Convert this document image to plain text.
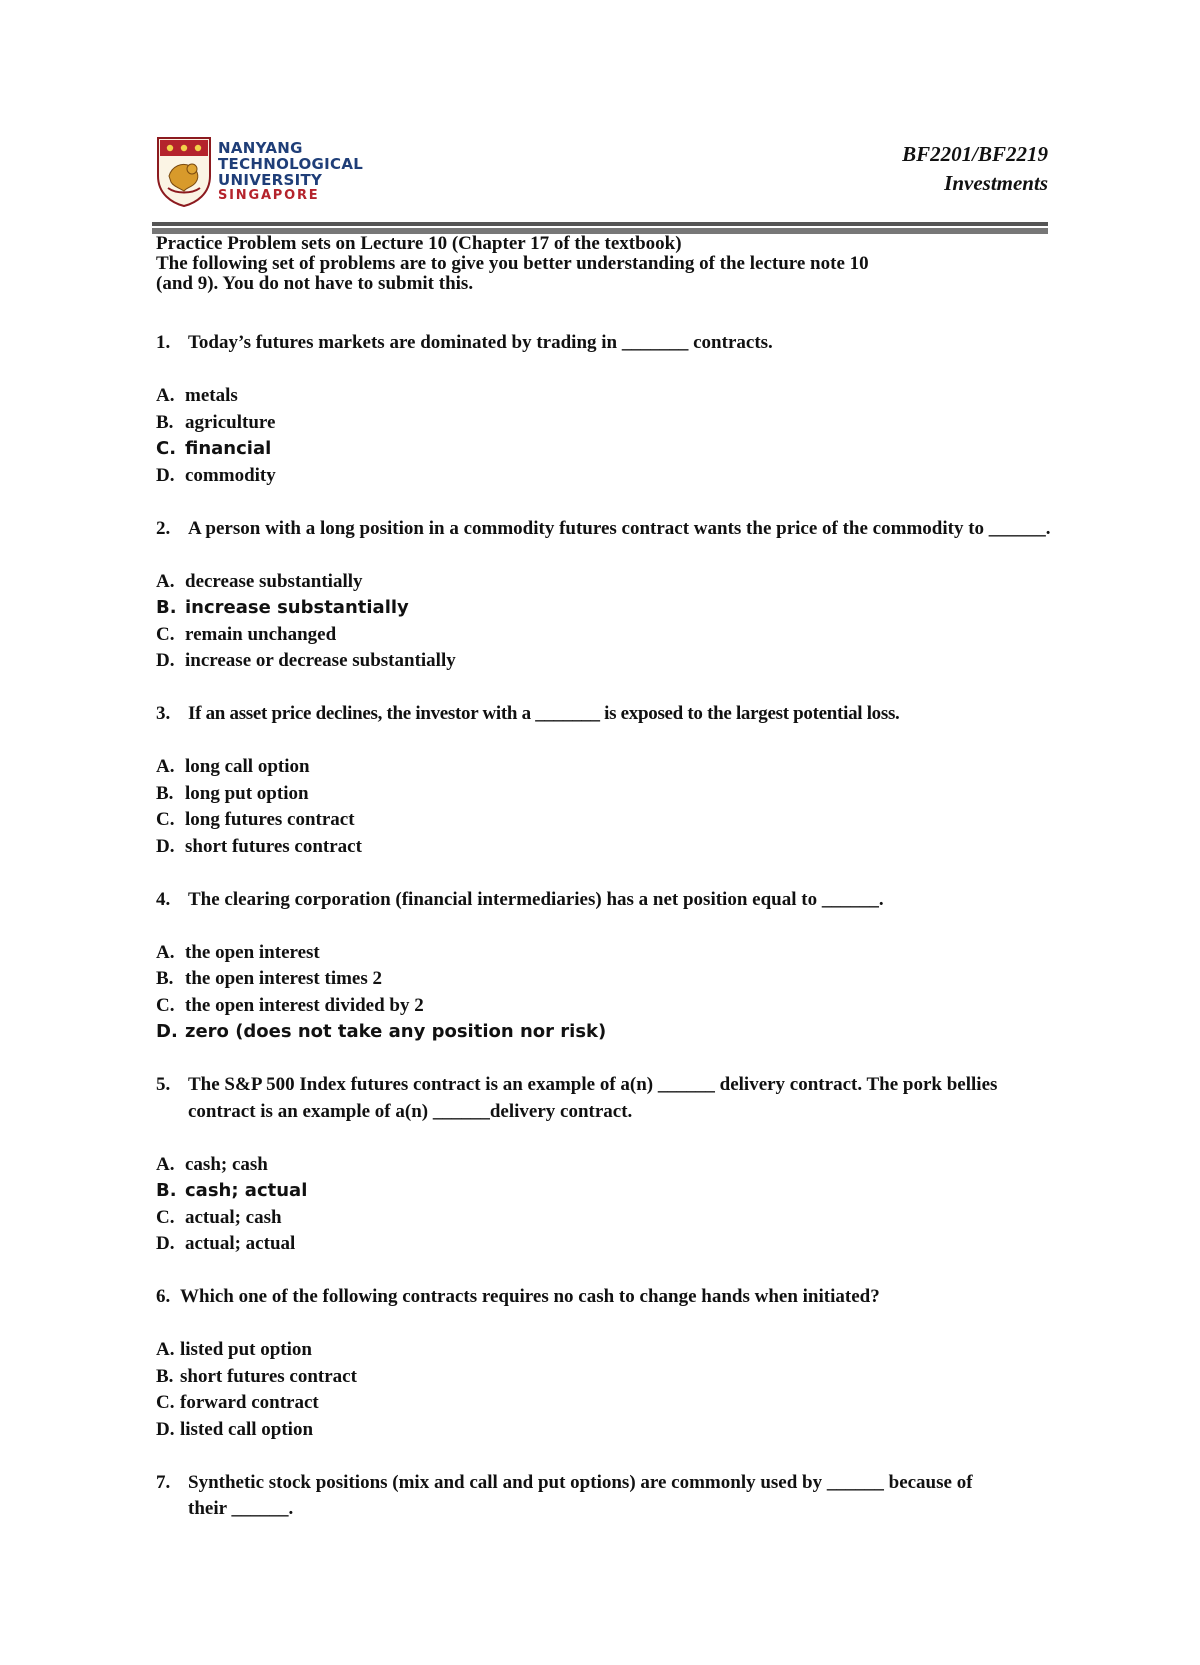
NANYANG
TECHNOLOGICAL
UNIVERSITY
SINGAPORE
BF2201/BF2219
Investments
Practice Problem sets on Lecture 10 (Chapter 17 of the textbook)
The following set of problems are to give you better understanding of the lecture note 10
(and 9). You do not have to submit this.
1. Today’s futures markets are dominated by trading in _______ contracts.
A. metals
B. agriculture
C. financial
D. commodity
2. A person with a long position in a commodity futures contract wants the price of the commodity to ______.
A. decrease substantially
B. increase substantially
C. remain unchanged
D. increase or decrease substantially
3. If an asset price declines, the investor with a _______ is exposed to the largest potential loss.
A. long call option
B. long put option
C. long futures contract
D. short futures contract
4. The clearing corporation (financial intermediaries) has a net position equal to ______.
A. the open interest
B. the open interest times 2
C. the open interest divided by 2
D. zero (does not take any position nor risk)
5. The S&P 500 Index futures contract is an example of a(n) ______ delivery contract. The pork bellies contract is an example of a(n) ______delivery contract.
A. cash; cash
B. cash; actual
C. actual; cash
D. actual; actual
6. Which one of the following contracts requires no cash to change hands when initiated?
A. listed put option
B. short futures contract
C. forward contract
D. listed call option
7. Synthetic stock positions (mix and call and put options) are commonly used by ______ because of their ______.
